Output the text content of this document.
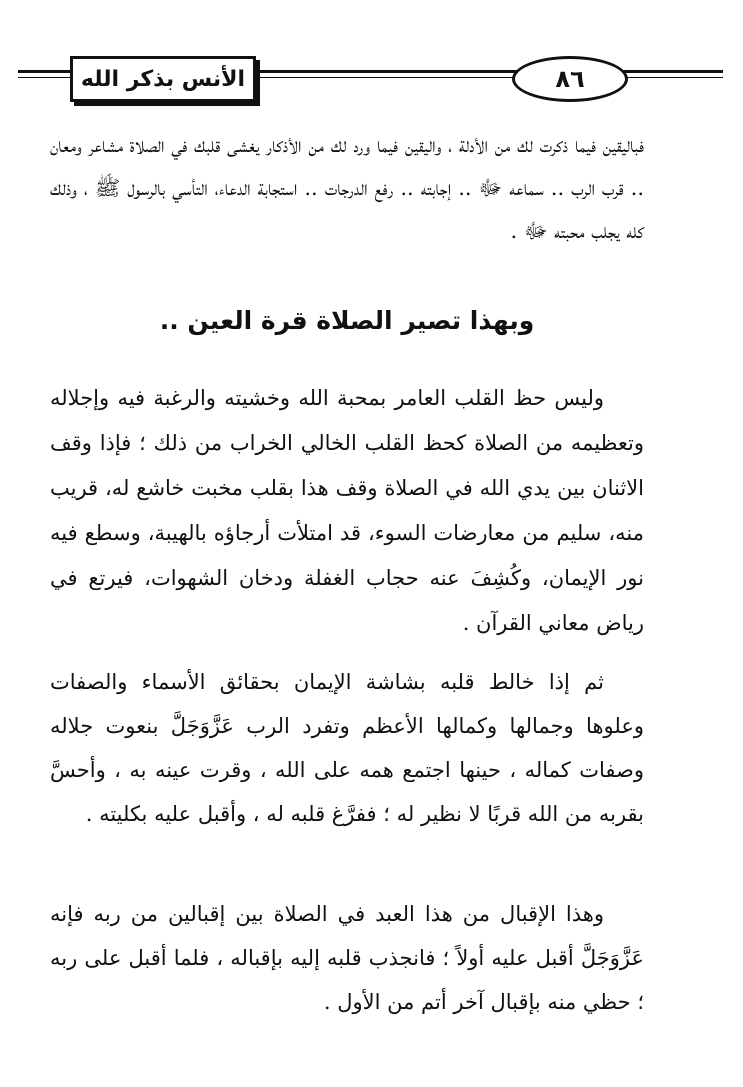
الأنس بذكر الله	٨٦
فباليقين فيما ذكرت لك من الأدلة ، واليقين فيما ورد لك من الأذكار يغشى قلبك في الصلاة مشاعر ومعان .. قرب الرب .. سماعه ﷻ .. إجابته .. رفع الدرجات .. استجابة الدعاء، التأسي بالرسول ﷺ ، وذلك كله يجلب محبته ﷻ .
وبهذا تصير الصلاة قرة العين ..
وليس حظ القلب العامر بمحبة الله وخشيته والرغبة فيه وإجلاله وتعظيمه من الصلاة كحظ القلب الخالي الخراب من ذلك ؛ فإذا وقف الاثنان بين يدي الله في الصلاة وقف هذا بقلب مخبت خاشع له، قريب منه، سليم من معارضات السوء، قد امتلأت أرجاؤه بالهيبة، وسطع فيه نور الإيمان، وكُشِفَ عنه حجاب الغفلة ودخان الشهوات، فيرتع في رياض معاني القرآن .
ثم إذا خالط قلبه بشاشة الإيمان بحقائق الأسماء والصفات وعلوها وجمالها وكمالها الأعظم وتفرد الرب عَزَّوَجَلَّ بنعوت جلاله وصفات كماله ، حينها اجتمع همه على الله ، وقرت عينه به ، وأحسَّ بقربه من الله قربًا لا نظير له ؛ ففرَّغ قلبه له ، وأقبل عليه بكليته .
وهذا الإقبال من هذا العبد في الصلاة بين إقبالين من ربه فإنه عَزَّوَجَلَّ أقبل عليه أولاً ؛ فانجذب قلبه إليه بإقباله ، فلما أقبل على ربه ؛ حظي منه بإقبال آخر أتم من الأول .
